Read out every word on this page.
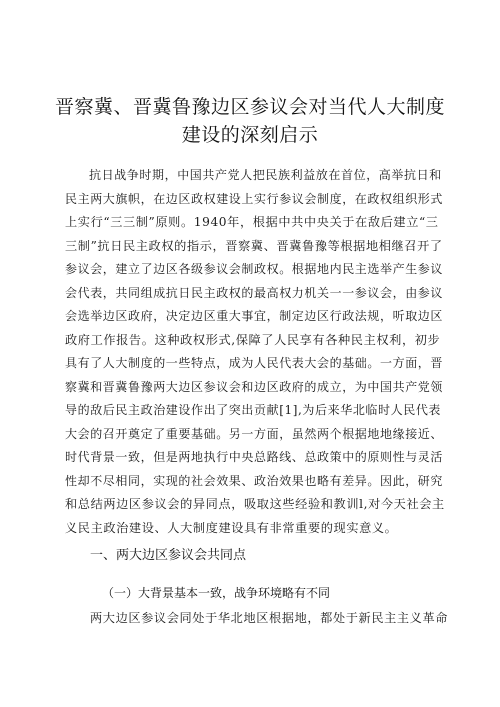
晋察冀、晋冀鲁豫边区参议会对当代人大制度
建设的深刻启示
抗日战争时期，中国共产党人把民族利益放在首位，高举抗日和
民主两大旗帜，在边区政权建设上实行参议会制度，在政权组织形式
上实行“三三制”原则。1940年，根据中共中央关于在敌后建立“三
三制”抗日民主政权的指示，晋察冀、晋冀鲁豫等根据地相继召开了
参议会，建立了边区各级参议会制政权。根据地内民主选举产生参议
会代表，共同组成抗日民主政权的最高权力机关一一参议会，由参议
会选举边区政府，决定边区重大事宜，制定边区行政法规，听取边区
政府工作报告。这种政权形式,保障了人民享有各种民主权利，初步
具有了人大制度的一些特点，成为人民代表大会的基础。一方面，晋
察冀和晋冀鲁豫两大边区参议会和边区政府的成立，为中国共产党领
导的敌后民主政治建设作出了突出贡献[1],为后来华北临时人民代表
大会的召开奠定了重要基础。另一方面，虽然两个根据地地缘接近、
时代背景一致，但是两地执行中央总路线、总政策中的原则性与灵活
性却不尽相同，实现的社会效果、政治效果也略有差异。因此，研究
和总结两边区参议会的异同点，吸取这些经验和教训l,对今天社会主
义民主政治建设、人大制度建设具有非常重要的现实意义。
一、两大边区参议会共同点
（一）大背景基本一致，战争环境略有不同

两大边区参议会同处于华北地区根据地，都处于新民主主义革命
